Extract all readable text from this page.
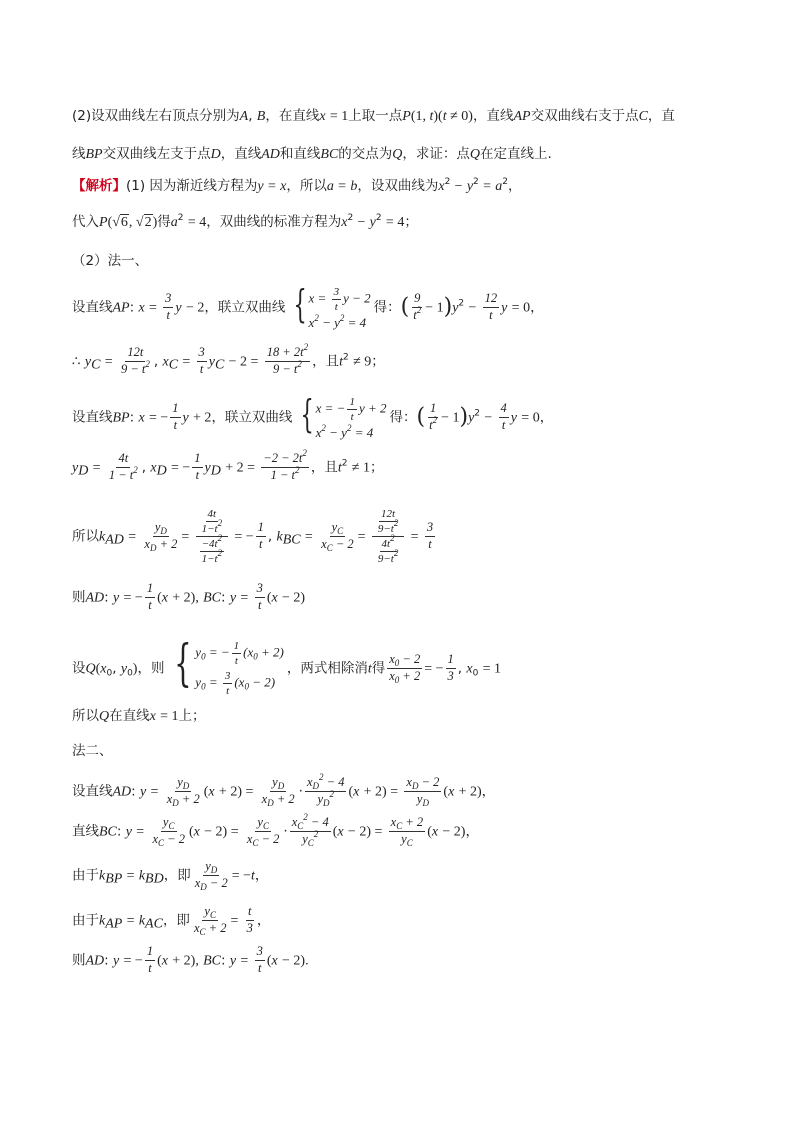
(2)设双曲线左右顶点分别为A, B，在直线x = 1上取一点P(1, t)(t ≠ 0)，直线AP交双曲线右支于点C，直
线BP交双曲线左支于点D，直线AD和直线BC的交点为Q，求证：点Q在定直线上.
【解析】(1) 因为渐近线方程为y = x，所以a = b，设双曲线为$x^2 - y^2 = a^2$，
代入P(√6, √2)得$a^2 = 4$，双曲线的标准方程为$x^2 - y^2 = 4$；
（2）法一、
设直线AP: $x = \frac{3}{t}$ y − 2，联立双曲线 { $x = \frac{3}{t}$ y − 2
$x^2 - y^2 = 4$
得：( $\frac{9}{t^2} - 1)y^2 - \frac{12}{t}$ y = 0，
∴ $y_C = \frac{12t}{9 - t^2}$ , $x_C = \frac{3}{t} y_C - 2 = \frac{18 + 2t^2}{9 - t^2}$ ，且$t^2 \ne 9$；
设直线BP: x = − $\frac{1}{t}$ y + 2，联立双曲线 { x = − $\frac{1}{t}$ y + 2
$x^2 - y^2 = 4$
得：( $\frac{1}{t^2} - 1)y^2 - \frac{4}{t}$ y = 0，
$y_D = \frac{4t}{1 - t^2}$ , $x_D$ = − $\frac{1}{t} y_D + 2 = \frac{-2 - 2t^2}{1 - t^2}$ ，且$t^2 \ne 1$；
所以$k_{AD} = \frac{y_D}{x_D + 2} = \frac{\frac{4t}{1-t^2}}{\frac{-4t^2}{1-t^2}}$ = − $\frac{1}{t}$ , $k_{BC} = \frac{y_C}{x_C - 2} = \frac{\frac{12t}{9-t^2}}{\frac{4t^2}{9-t^2}} = \frac{3}{t}$
则AD: y = − $\frac{1}{t} (x + 2)$, BC: $y = \frac{3}{t} (x - 2)$
设$Q(x_0$, $y_0$)，则 { $y_0$ = − $\frac{1}{t} (x_0 + 2)$
$y_0 = \frac{3}{t} (x_0 - 2)$
，两式相除消t得 $\frac{x_0 - 2}{x_0 + 2}$ = − $\frac{1}{3}$ , $x_0 = 1$
所以Q在直线x = 1上；
法二、
设直线AD: $y = \frac{y_D}{x_D + 2} (x + 2) = \frac{y_D}{x_D + 2} \cdot \frac{x_D^2 - 4}{y_D^2} (x + 2) = \frac{x_D - 2}{y_D} (x + 2)$，
直线BC: $y = \frac{y_C}{x_C - 2} (x - 2) = \frac{y_C}{x_C - 2} \cdot \frac{x_C^2 - 4}{y_C^2} (x - 2) = \frac{x_C + 2}{y_C} (x - 2)$，
由于$k_{BP} = k_{BD}$，即 $\frac{y_D}{x_D - 2} = -t$，
由于$k_{AP} = k_{AC}$，即 $\frac{y_C}{x_C + 2} = \frac{t}{3}$ ，
则AD: y = − $\frac{1}{t} (x + 2)$, BC: $y = \frac{3}{t} (x - 2)$.
